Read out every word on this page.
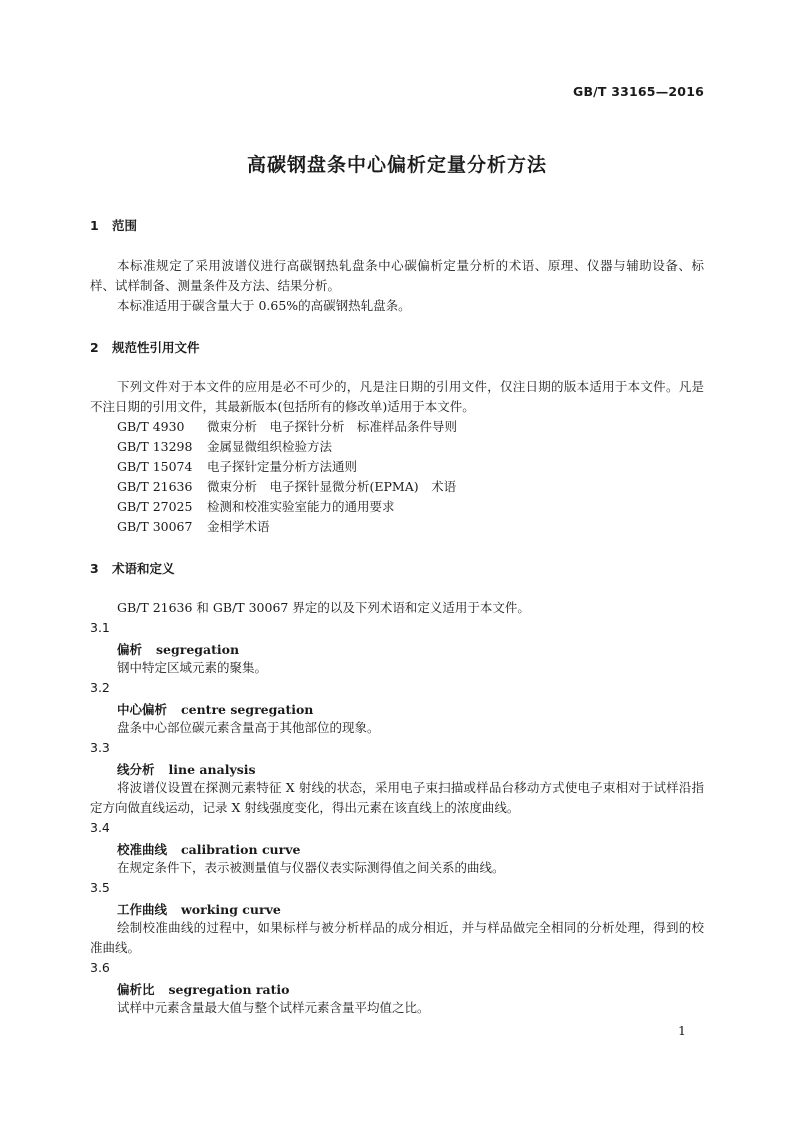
GB/T 33165—2016
高碳钢盘条中心偏析定量分析方法
1 范围
本标准规定了采用波谱仪进行高碳钢热轧盘条中心碳偏析定量分析的术语、原理、仪器与辅助设备、标样、试样制备、测量条件及方法、结果分析。
本标准适用于碳含量大于 0.65%的高碳钢热轧盘条。
2 规范性引用文件
下列文件对于本文件的应用是必不可少的，凡是注日期的引用文件，仅注日期的版本适用于本文件。凡是不注日期的引用文件，其最新版本(包括所有的修改单)适用于本文件。
GB/T 4930 微束分析　电子探针分析　标准样品条件导则
GB/T 13298 金属显微组织检验方法
GB/T 15074 电子探针定量分析方法通则
GB/T 21636 微束分析　电子探针显微分析(EPMA)　术语
GB/T 27025 检测和校准实验室能力的通用要求
GB/T 30067 金相学术语
3 术语和定义
GB/T 21636 和 GB/T 30067 界定的以及下列术语和定义适用于本文件。
3.1
偏析 segregation
钢中特定区域元素的聚集。
3.2
中心偏析 centre segregation
盘条中心部位碳元素含量高于其他部位的现象。
3.3
线分析 line analysis
将波谱仪设置在探测元素特征 X 射线的状态，采用电子束扫描或样品台移动方式使电子束相对于试样沿指定方向做直线运动，记录 X 射线强度变化，得出元素在该直线上的浓度曲线。
3.4
校准曲线 calibration curve
在规定条件下，表示被测量值与仪器仪表实际测得值之间关系的曲线。
3.5
工作曲线 working curve
绘制校准曲线的过程中，如果标样与被分析样品的成分相近，并与样品做完全相同的分析处理，得到的校准曲线。
3.6
偏析比 segregation ratio
试样中元素含量最大值与整个试样元素含量平均值之比。
1
